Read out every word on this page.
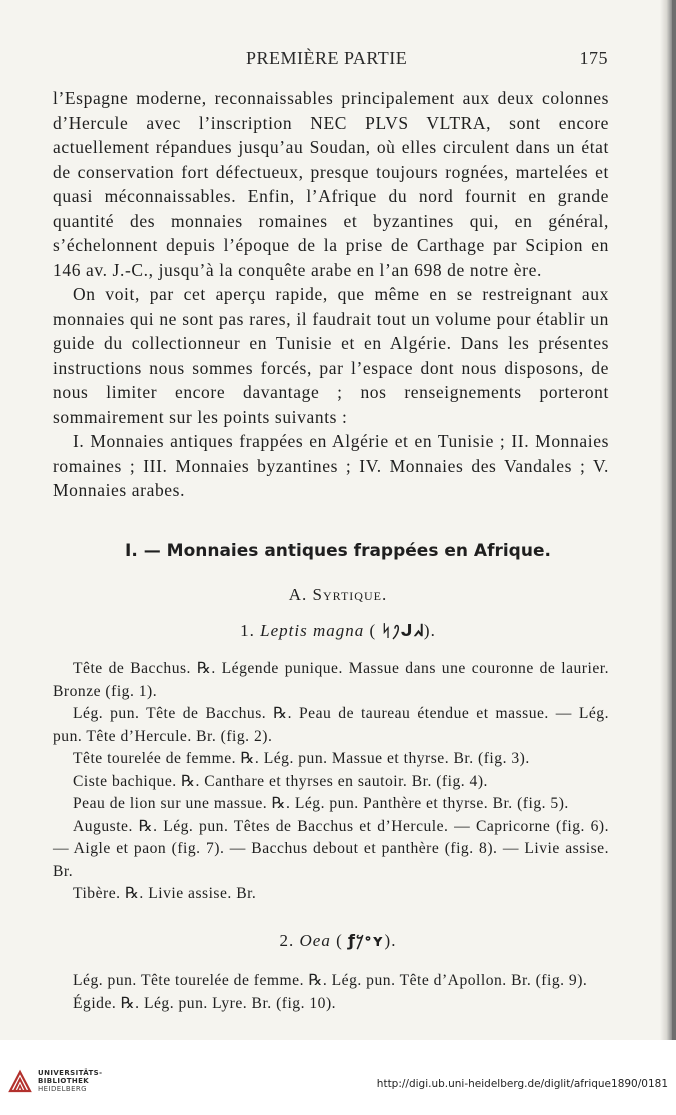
PREMIÈRE PARTIE	175

l’Espagne moderne, reconnaissables principalement aux deux colonnes d’Hercule avec l’inscription NEC PLVS VLTRA, sont encore actuellement répandues jusqu’au Soudan, où elles circulent dans un état de conservation fort défectueux, presque toujours rognées, martelées et quasi méconnaissables. Enfin, l’Afrique du nord fournit en grande quantité des monnaies romaines et byzantines qui, en général, s’échelonnent depuis l’époque de la prise de Carthage par Scipion en 146 av. J.-C., jusqu’à la conquête arabe en l’an 698 de notre ère.

On voit, par cet aperçu rapide, que même en se restreignant aux monnaies qui ne sont pas rares, il faudrait tout un volume pour établir un guide du collectionneur en Tunisie et en Algérie. Dans les présentes instructions nous sommes forcés, par l’espace dont nous disposons, de nous limiter encore davantage ; nos renseignements porteront sommairement sur les points suivants :

I. Monnaies antiques frappées en Algérie et en Tunisie ; II. Monnaies romaines ; III. Monnaies byzantines ; IV. Monnaies des Vandales ; V. Monnaies arabes.

I. — Monnaies antiques frappées en Afrique.
A. Syrtique.
1. Leptis magna ( ᛋ𐤐ᒍᖽ).

Tête de Bacchus. ℞. Légende punique. Massue dans une couronne de laurier. Bronze (fig. 1).

Lég. pun. Tête de Bacchus. ℞. Peau de taureau étendue et massue. — Lég. pun. Tête d’Hercule. Br. (fig. 2).

Tête tourelée de femme. ℞. Lég. pun. Massue et thyrse. Br. (fig. 3).

Ciste bachique. ℞. Canthare et thyrses en sautoir. Br. (fig. 4).

Peau de lion sur une massue. ℞. Lég. pun. Panthère et thyrse. Br. (fig. 5).

Auguste. ℞. Lég. pun. Têtes de Bacchus et d’Hercule. — Capricorne (fig. 6). — Aigle et paon (fig. 7). — Bacchus debout et panthère (fig. 8). — Livie assise. Br.

Tibère. ℞. Livie assise. Br.

2. Oea ( ƒ𐤏𐤊ʏ).

Lég. pun. Tête tourelée de femme. ℞. Lég. pun. Tête d’Apollon. Br. (fig. 9).

Égide. ℞. Lég. pun. Lyre. Br. (fig. 10).

UNIVERSITÄTS-
BIBLIOTHEK
HEIDELBERG	http://digi.ub.uni-heidelberg.de/diglit/afrique1890/0181
